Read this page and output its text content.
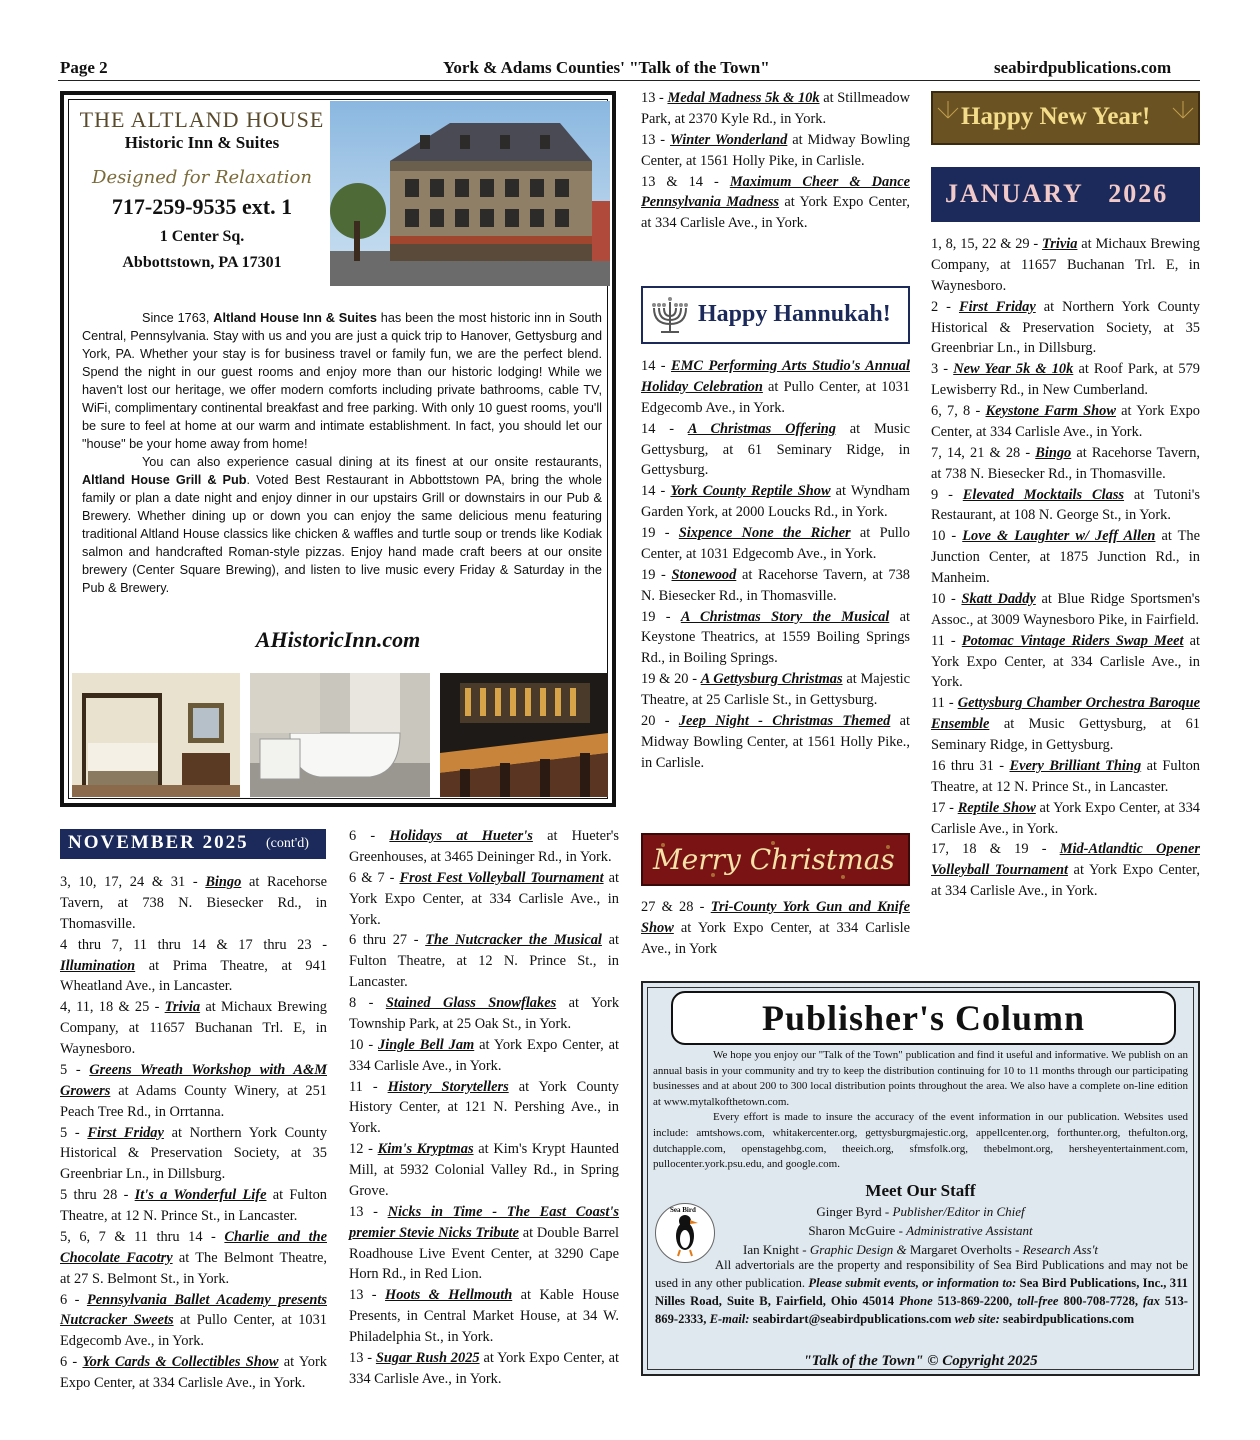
Page 2	York & Adams Counties' "Talk of the Town"	seabirdpublications.com
THE ALTLAND HOUSE
Historic Inn & Suites
Designed for Relaxation
717-259-9535 ext. 1
1 Center Sq.
Abbottstown, PA 17301

Since 1763, Altland House Inn & Suites has been the most historic inn in South Central, Pennsylvania. Stay with us and you are just a quick trip to Hanover, Gettysburg and York, PA. Whether your stay is for business travel or family fun, we are the perfect blend. Spend the night in our guest rooms and enjoy more than our historic lodging! While we haven't lost our heritage, we offer modern comforts including private bathrooms, cable TV, WiFi, complimentary continental breakfast and free parking. With only 10 guest rooms, you'll be sure to feel at home at our warm and intimate establishment. In fact, you should let our "house" be your home away from home!

You can also experience casual dining at its finest at our onsite restaurants, Altland House Grill & Pub. Voted Best Restaurant in Abbottstown PA, bring the whole family or plan a date night and enjoy dinner in our upstairs Grill or downstairs in our Pub & Brewery. Whether dining up or down you can enjoy the same delicious menu featuring traditional Altland House classics like chicken & waffles and turtle soup or trends like Kodiak salmon and handcrafted Roman-style pizzas. Enjoy hand made craft beers at our onsite brewery (Center Square Brewing), and listen to live music every Friday & Saturday in the Pub & Brewery.

AHistoricInn.com
NOVEMBER 2025 (cont'd)

3, 10, 17, 24 & 31 - Bingo at Racehorse Tavern, at 738 N. Biesecker Rd., in Thomasville.

4 thru 7, 11 thru 14 & 17 thru 23 - Illumination at Prima Theatre, at 941 Wheatland Ave., in Lancaster.

4, 11, 18 & 25 - Trivia at Michaux Brewing Company, at 11657 Buchanan Trl. E, in Waynesboro.

5 - Greens Wreath Workshop with A&M Growers at Adams County Winery, at 251 Peach Tree Rd., in Orrtanna.

5 - First Friday at Northern York County Historical & Preservation Society, at 35 Greenbriar Ln., in Dillsburg.

5 thru 28 - It's a Wonderful Life at Fulton Theatre, at 12 N. Prince St., in Lancaster.

5, 6, 7 & 11 thru 14 - Charlie and the Chocolate Facotry at The Belmont Theatre, at 27 S. Belmont St., in York.

6 - Pennsylvania Ballet Academy presents Nutcracker Sweets at Pullo Center, at 1031 Edgecomb Ave., in York.

6 - York Cards & Collectibles Show at York Expo Center, at 334 Carlisle Ave., in York.

6 - Holidays at Hueter's at Hueter's Greenhouses, at 3465 Deininger Rd., in York.

6 & 7 - Frost Fest Volleyball Tournament at York Expo Center, at 334 Carlisle Ave., in York.

6 thru 27 - The Nutcracker the Musical at Fulton Theatre, at 12 N. Prince St., in Lancaster.

8 - Stained Glass Snowflakes at York Township Park, at 25 Oak St., in York.

10 - Jingle Bell Jam at York Expo Center, at 334 Carlisle Ave., in York.

11 - History Storytellers at York County History Center, at 121 N. Pershing Ave., in York.

12 - Kim's Kryptmas at Kim's Krypt Haunted Mill, at 5932 Colonial Valley Rd., in Spring Grove.

13 - Nicks in Time - The East Coast's premier Stevie Nicks Tribute at Double Barrel Roadhouse Live Event Center, at 3290 Cape Horn Rd., in Red Lion.

13 - Hoots & Hellmouth at Kable House Presents, in Central Market House, at 34 W. Philadelphia St., in York.

13 - Sugar Rush 2025 at York Expo Center, at 334 Carlisle Ave., in York.

13 - Medal Madness 5k & 10k at Stillmeadow Park, at 2370 Kyle Rd., in York.

13 - Winter Wonderland at Midway Bowling Center, at 1561 Holly Pike, in Carlisle.

13 & 14 - Maximum Cheer & Dance Pennsylvania Madness at York Expo Center, at 334 Carlisle Ave., in York.

Happy Hannukah!

14 - EMC Performing Arts Studio's Annual Holiday Celebration at Pullo Center, at 1031 Edgecomb Ave., in York.

14 - A Christmas Offering at Music Gettysburg, at 61 Seminary Ridge, in Gettysburg.

14 - York County Reptile Show at Wyndham Garden York, at 2000 Loucks Rd., in York.

19 - Sixpence None the Richer at Pullo Center, at 1031 Edgecomb Ave., in York.

19 - Stonewood at Racehorse Tavern, at 738 N. Biesecker Rd., in Thomasville.

19 - A Christmas Story the Musical at Keystone Theatrics, at 1559 Boiling Springs Rd., in Boiling Springs.

19 & 20 - A Gettysburg Christmas at Majestic Theatre, at 25 Carlisle St., in Gettysburg.

20 - Jeep Night - Christmas Themed at Midway Bowling Center, at 1561 Holly Pike., in Carlisle.

Merry Christmas

27 & 28 - Tri-County York Gun and Knife Show at York Expo Center, at 334 Carlisle Ave., in York

Happy New Year!
JANUARY   2026

1, 8, 15, 22 & 29 - Trivia at Michaux Brewing Company, at 11657 Buchanan Trl. E, in Waynesboro.

2 - First Friday at Northern York County Historical & Preservation Society, at 35 Greenbriar Ln., in Dillsburg.

3 - New Year 5k & 10k at Roof Park, at 579 Lewisberry Rd., in New Cumberland.

6, 7, 8 - Keystone Farm Show at York Expo Center, at 334 Carlisle Ave., in York.

7, 14, 21 & 28 - Bingo at Racehorse Tavern, at 738 N. Biesecker Rd., in Thomasville.

9 - Elevated Mocktails Class at Tutoni's Restaurant, at 108 N. George St., in York.

10 - Love & Laughter w/ Jeff Allen at The Junction Center, at 1875 Junction Rd., in Manheim.

10 - Skatt Daddy at Blue Ridge Sportsmen's Assoc., at 3009 Waynesboro Pike, in Fairfield.

11 - Potomac Vintage Riders Swap Meet at York Expo Center, at 334 Carlisle Ave., in York.

11 - Gettysburg Chamber Orchestra Baroque Ensemble at Music Gettysburg, at 61 Seminary Ridge, in Gettysburg.

16 thru 31 - Every Brilliant Thing at Fulton Theatre, at 12 N. Prince St., in Lancaster.

17 - Reptile Show at York Expo Center, at 334 Carlisle Ave., in York.

17, 18 & 19 - Mid-Atlandtic Opener Volleyball Tournament at York Expo Center, at 334 Carlisle Ave., in York.

Publisher's Column

We hope you enjoy our "Talk of the Town" publication and find it useful and informative. We publish on an annual basis in your community and try to keep the distribution continuing for 10 to 11 months through our participating businesses and at about 200 to 300 local distribution points throughout the area. We also have a complete on-line edition at www.mytalkofthetown.com.

Every effort is made to insure the accuracy of the event information in our publication. Websites used include: amtshows.com, whitakercenter.org, gettysburgmajestic.org, appellcenter.org, forthunter.org, thefulton.org, dutchapple.com, openstagehbg.com, theeich.org, sfmsfolk.org, thebelmont.org, hersheyentertainment.com, pullocenter.york.psu.edu, and google.com.

Meet Our Staff
Sea Bird	Ginger Byrd - Publisher/Editor in Chief
Sharon McGuire - Administrative Assistant
Ian Knight - Graphic Design & Margaret Overholts - Research Ass't
All advertorials are the property and responsibility of Sea Bird Publications and may not be used in any other publication. Please submit events, or information to: Sea Bird Publications, Inc., 311 Nilles Road, Suite B, Fairfield, Ohio 45014 Phone 513-869-2200, toll-free 800-708-7728, fax 513-869-2333, E-mail: seabirdart@seabirdpublications.com web site: seabirdpublications.com
"Talk of the Town" © Copyright 2025
